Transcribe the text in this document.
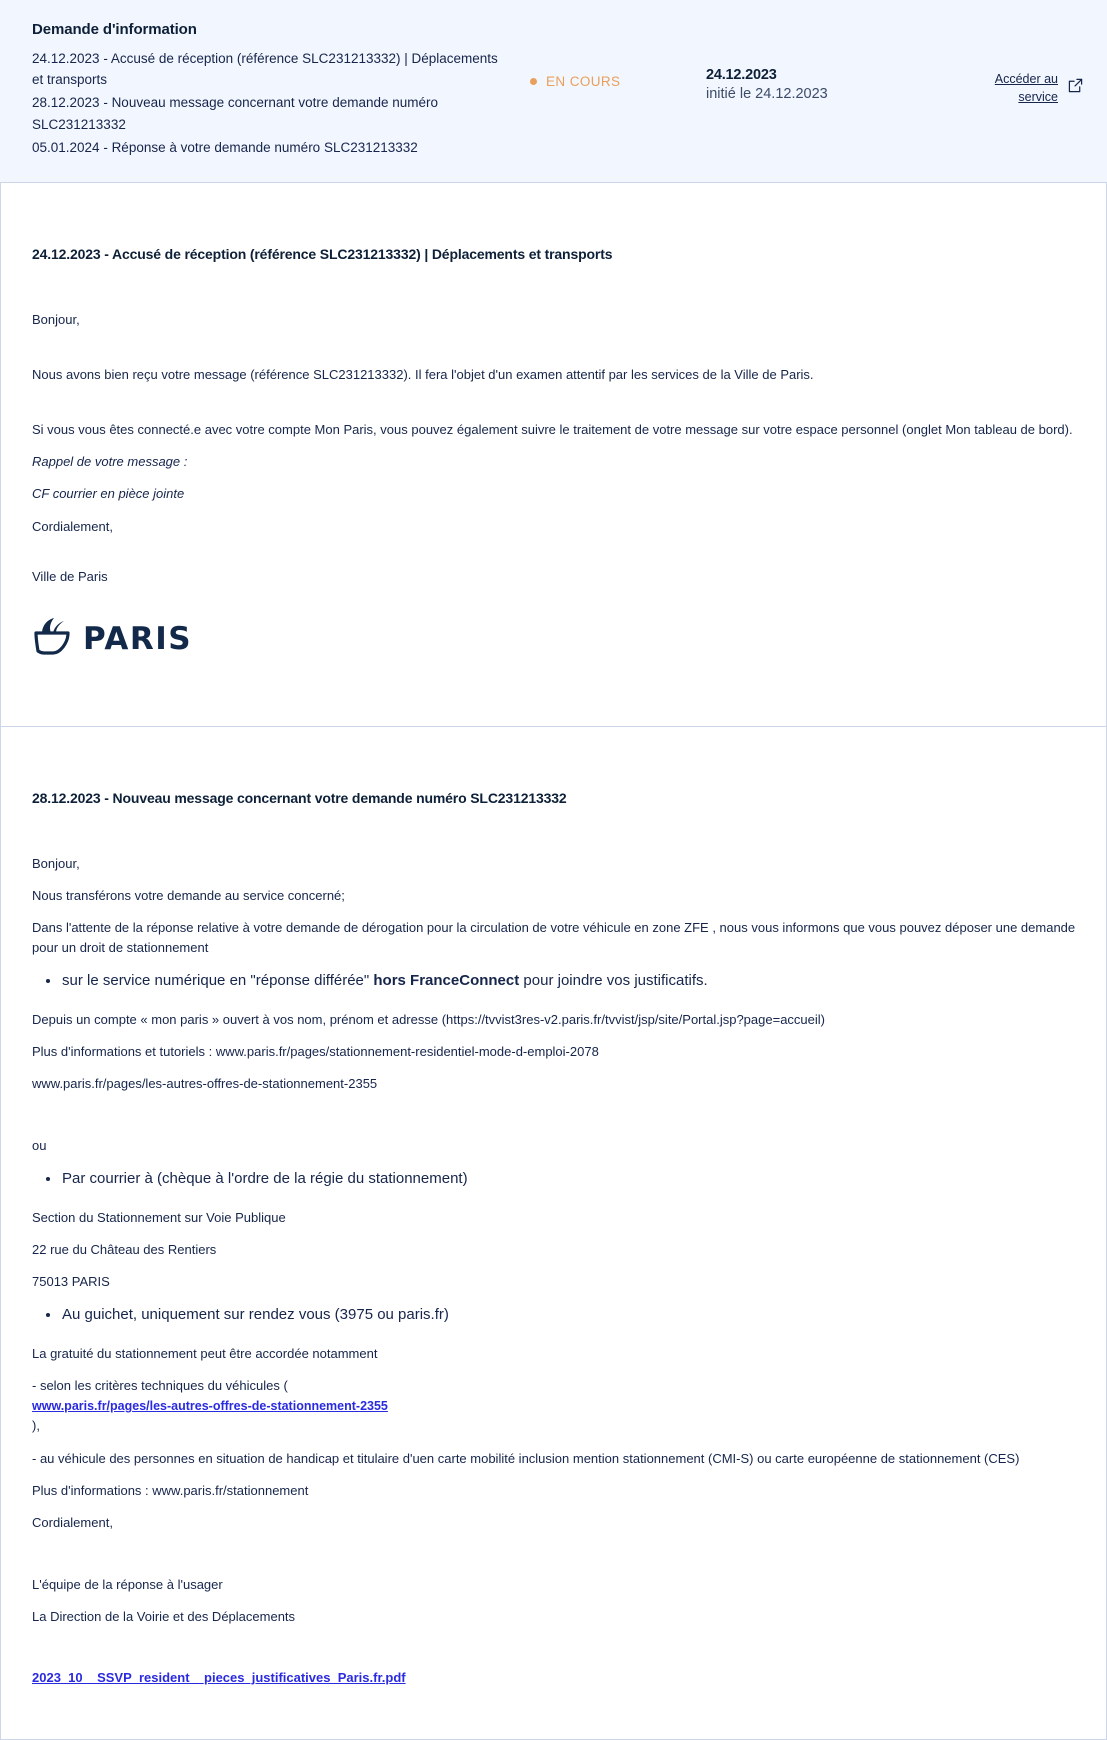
Demande d'information
24.12.2023 - Accusé de réception (référence SLC231213332) | Déplacements et transports
28.12.2023 - Nouveau message concernant votre demande numéro SLC231213332
05.01.2024 - Réponse à votre demande numéro SLC231213332
EN COURS	24.12.2023
initié le 24.12.2023
Accéder au service
24.12.2023 - Accusé de réception (référence SLC231213332) | Déplacements et transports
Bonjour,
Nous avons bien reçu votre message (référence SLC231213332). Il fera l'objet d'un examen attentif par les services de la Ville de Paris.
Si vous vous êtes connecté.e avec votre compte Mon Paris, vous pouvez également suivre le traitement de votre message sur votre espace personnel (onglet Mon tableau de bord).
Rappel de votre message :
CF courrier en pièce jointe
Cordialement,
Ville de Paris
PARIS
28.12.2023 - Nouveau message concernant votre demande numéro SLC231213332
Bonjour,
Nous transférons votre demande au service concerné;
Dans l'attente de la réponse relative à votre demande de dérogation pour la circulation de votre véhicule en zone ZFE , nous vous informons que vous pouvez déposer une demande pour un droit de stationnement
sur le service numérique en "réponse différée" hors FranceConnect pour joindre vos justificatifs.
Depuis un compte « mon paris » ouvert à vos nom, prénom et adresse (https://tvvist3res-v2.paris.fr/tvvist/jsp/site/Portal.jsp?page=accueil)
Plus d'informations et tutoriels : www.paris.fr/pages/stationnement-residentiel-mode-d-emploi-2078
www.paris.fr/pages/les-autres-offres-de-stationnement-2355
ou
Par courrier à (chèque à l'ordre de la régie du stationnement)
Section du Stationnement sur Voie Publique
22 rue du Château des Rentiers
75013 PARIS
Au guichet, uniquement sur rendez vous (3975 ou paris.fr)
La gratuité du stationnement peut être accordée notamment
- selon les critères techniques du véhicules (
www.paris.fr/pages/les-autres-offres-de-stationnement-2355
),
- au véhicule des personnes en situation de handicap et titulaire d'uen carte mobilité inclusion mention stationnement (CMI-S) ou carte européenne de stationnement (CES)
Plus d'informations : www.paris.fr/stationnement
Cordialement,
L'équipe de la réponse à l'usager
La Direction de la Voirie et des Déplacements
2023_10__SSVP_resident__pieces_justificatives_Paris.fr.pdf
